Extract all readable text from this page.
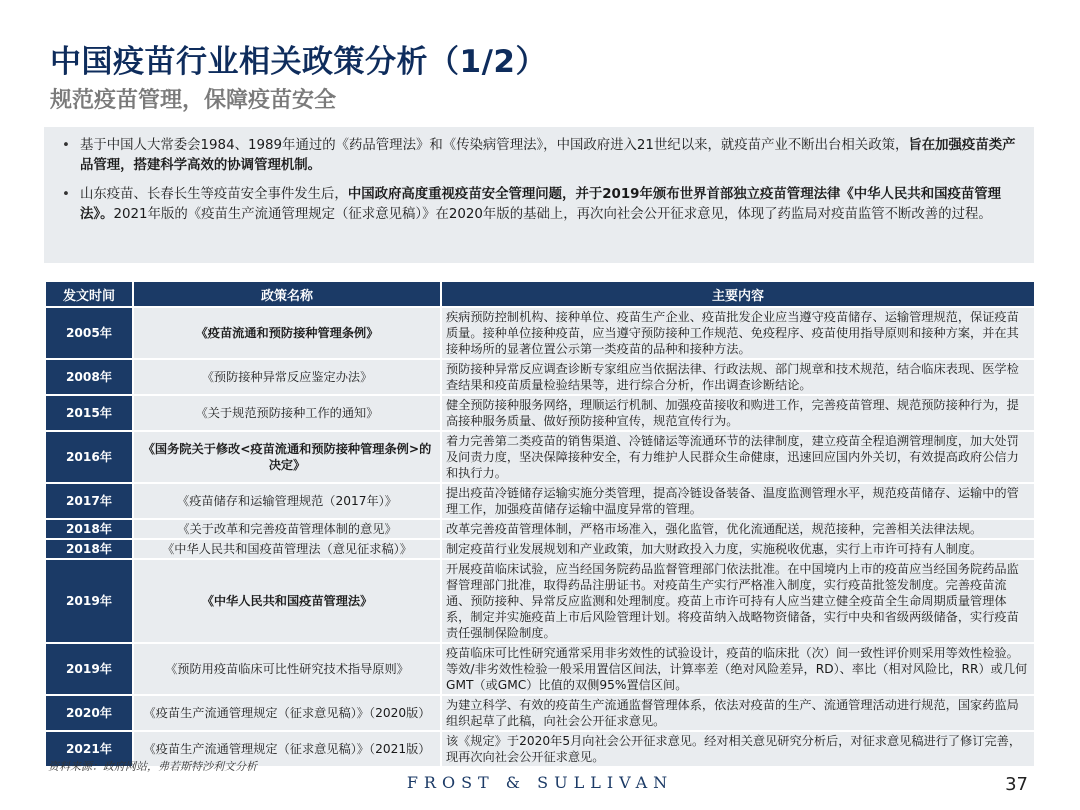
中国疫苗行业相关政策分析（1/2）
规范疫苗管理，保障疫苗安全
• 基于中国人大常委会1984、1989年通过的《药品管理法》和《传染病管理法》，中国政府进入21世纪以来，就疫苗产业不断出台相关政策，旨在加强疫苗类产品管理，搭建科学高效的协调管理机制。
• 山东疫苗、长春长生等疫苗安全事件发生后，中国政府高度重视疫苗安全管理问题，并于2019年颁布世界首部独立疫苗管理法律《中华人民共和国疫苗管理法》。2021年版的《疫苗生产流通管理规定（征求意见稿）》在2020年版的基础上，再次向社会公开征求意见，体现了药监局对疫苗监管不断改善的过程。
发文时间	政策名称	主要内容
2005年	《疫苗流通和预防接种管理条例》	疾病预防控制机构、接种单位、疫苗生产企业、疫苗批发企业应当遵守疫苗储存、运输管理规范，保证疫苗质量。接种单位接种疫苗，应当遵守预防接种工作规范、免疫程序、疫苗使用指导原则和接种方案，并在其接种场所的显著位置公示第一类疫苗的品种和接种方法。
2008年	《预防接种异常反应鉴定办法》	预防接种异常反应调查诊断专家组应当依据法律、行政法规、部门规章和技术规范，结合临床表现、医学检查结果和疫苗质量检验结果等，进行综合分析，作出调查诊断结论。
2015年	《关于规范预防接种工作的通知》	健全预防接种服务网络，理顺运行机制、加强疫苗接收和购进工作，完善疫苗管理、规范预防接种行为，提高接种服务质量、做好预防接种宣传，规范宣传行为。
2016年	《国务院关于修改<疫苗流通和预防接种管理条例>的决定》	着力完善第二类疫苗的销售渠道、冷链储运等流通环节的法律制度，建立疫苗全程追溯管理制度，加大处罚及问责力度，坚决保障接种安全，有力维护人民群众生命健康，迅速回应国内外关切，有效提高政府公信力和执行力。
2017年	《疫苗储存和运输管理规范（2017年）》	提出疫苗冷链储存运输实施分类管理，提高冷链设备装备、温度监测管理水平，规范疫苗储存、运输中的管理工作，加强疫苗储存运输中温度异常的管理。
2018年	《关于改革和完善疫苗管理体制的意见》	改革完善疫苗管理体制，严格市场准入，强化监管，优化流通配送，规范接种，完善相关法律法规。
2018年	《中华人民共和国疫苗管理法（意见征求稿）》	制定疫苗行业发展规划和产业政策，加大财政投入力度，实施税收优惠，实行上市许可持有人制度。
2019年	《中华人民共和国疫苗管理法》	开展疫苗临床试验，应当经国务院药品监督管理部门依法批准。在中国境内上市的疫苗应当经国务院药品监督管理部门批准，取得药品注册证书。对疫苗生产实行严格准入制度，实行疫苗批签发制度。完善疫苗流通、预防接种、异常反应监测和处理制度。疫苗上市许可持有人应当建立健全疫苗全生命周期质量管理体系，制定并实施疫苗上市后风险管理计划。将疫苗纳入战略物资储备，实行中央和省级两级储备，实行疫苗责任强制保险制度。
2019年	《预防用疫苗临床可比性研究技术指导原则》	疫苗临床可比性研究通常采用非劣效性的试验设计，疫苗的临床批（次）间一致性评价则采用等效性检验。等效/非劣效性检验一般采用置信区间法，计算率差（绝对风险差异，RD）、率比（相对风险比，RR）或几何GMT（或GMC）比值的双侧95%置信区间。
2020年	《疫苗生产流通管理规定（征求意见稿）》（2020版）	为建立科学、有效的疫苗生产流通监督管理体系，依法对疫苗的生产、流通管理活动进行规范，国家药监局组织起草了此稿，向社会公开征求意见。
2021年	《疫苗生产流通管理规定（征求意见稿）》（2021版）	该《规定》于2020年5月向社会公开征求意见。经对相关意见研究分析后，对征求意见稿进行了修订完善，现再次向社会公开征求意见。
资料来源：政府网站，弗若斯特沙利文分析
FROST & SULLIVAN	37
